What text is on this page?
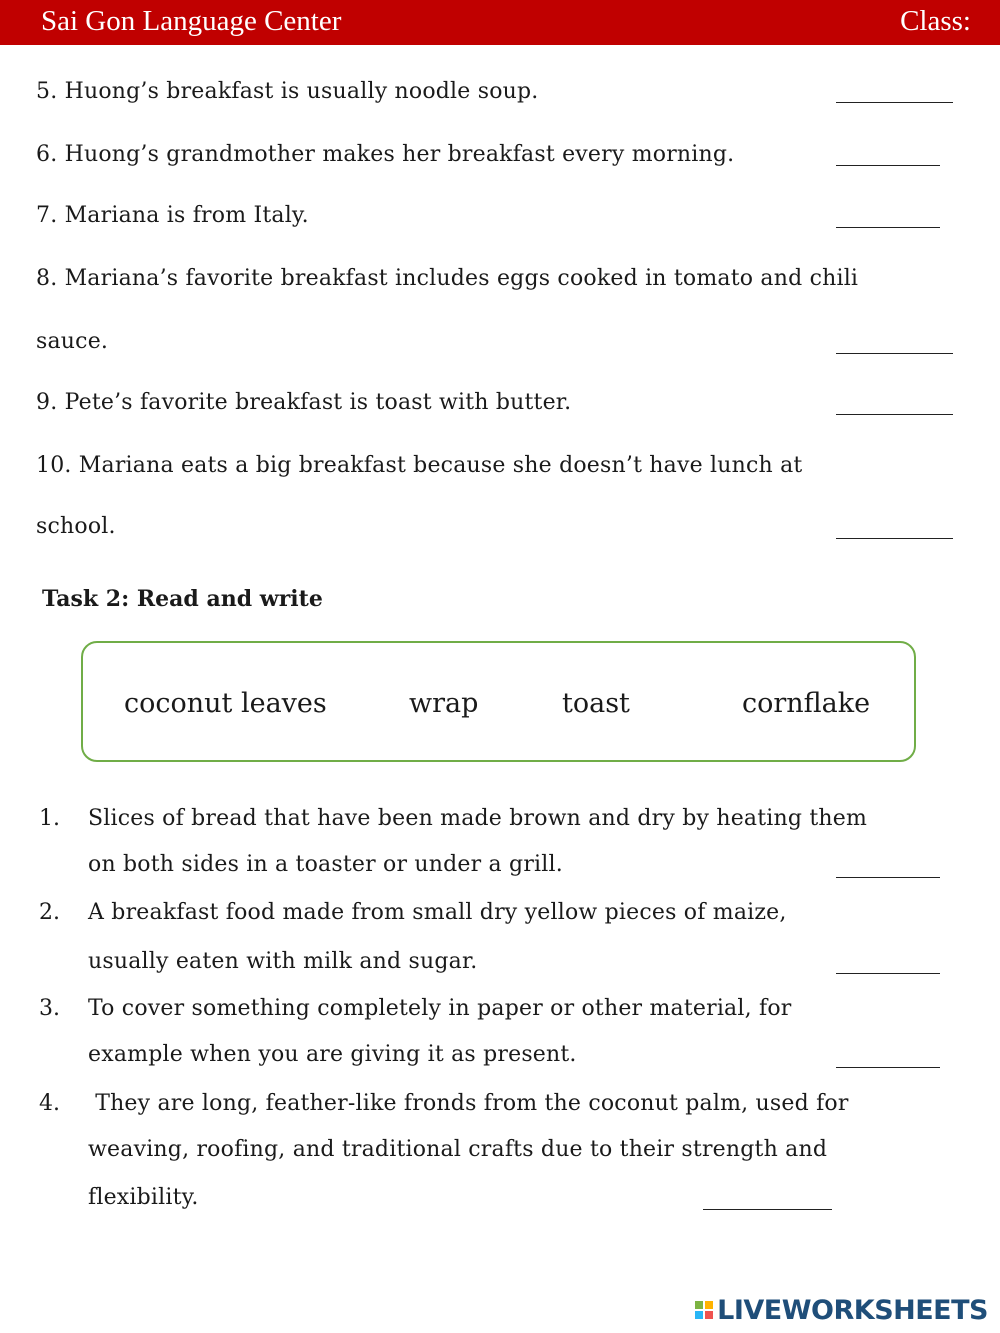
Sai Gon Language Center	Class:
5. Huong’s breakfast is usually noodle soup.
6. Huong’s grandmother makes her breakfast every morning.
7. Mariana is from Italy.
8. Mariana’s favorite breakfast includes eggs cooked in tomato and chili
sauce.
9. Pete’s favorite breakfast is toast with butter.
10. Mariana eats a big breakfast because she doesn’t have lunch at
school.
Task 2: Read and write
coconut leaves	wrap	toast	cornflake
1. Slices of bread that have been made brown and dry by heating them
on both sides in a toaster or under a grill.
2. A breakfast food made from small dry yellow pieces of maize,
usually eaten with milk and sugar.
3. To cover something completely in paper or other material, for
example when you are giving it as present.
4. They are long, feather-like fronds from the coconut palm, used for
weaving, roofing, and traditional crafts due to their strength and
flexibility.
LIVEWORKSHEETS
